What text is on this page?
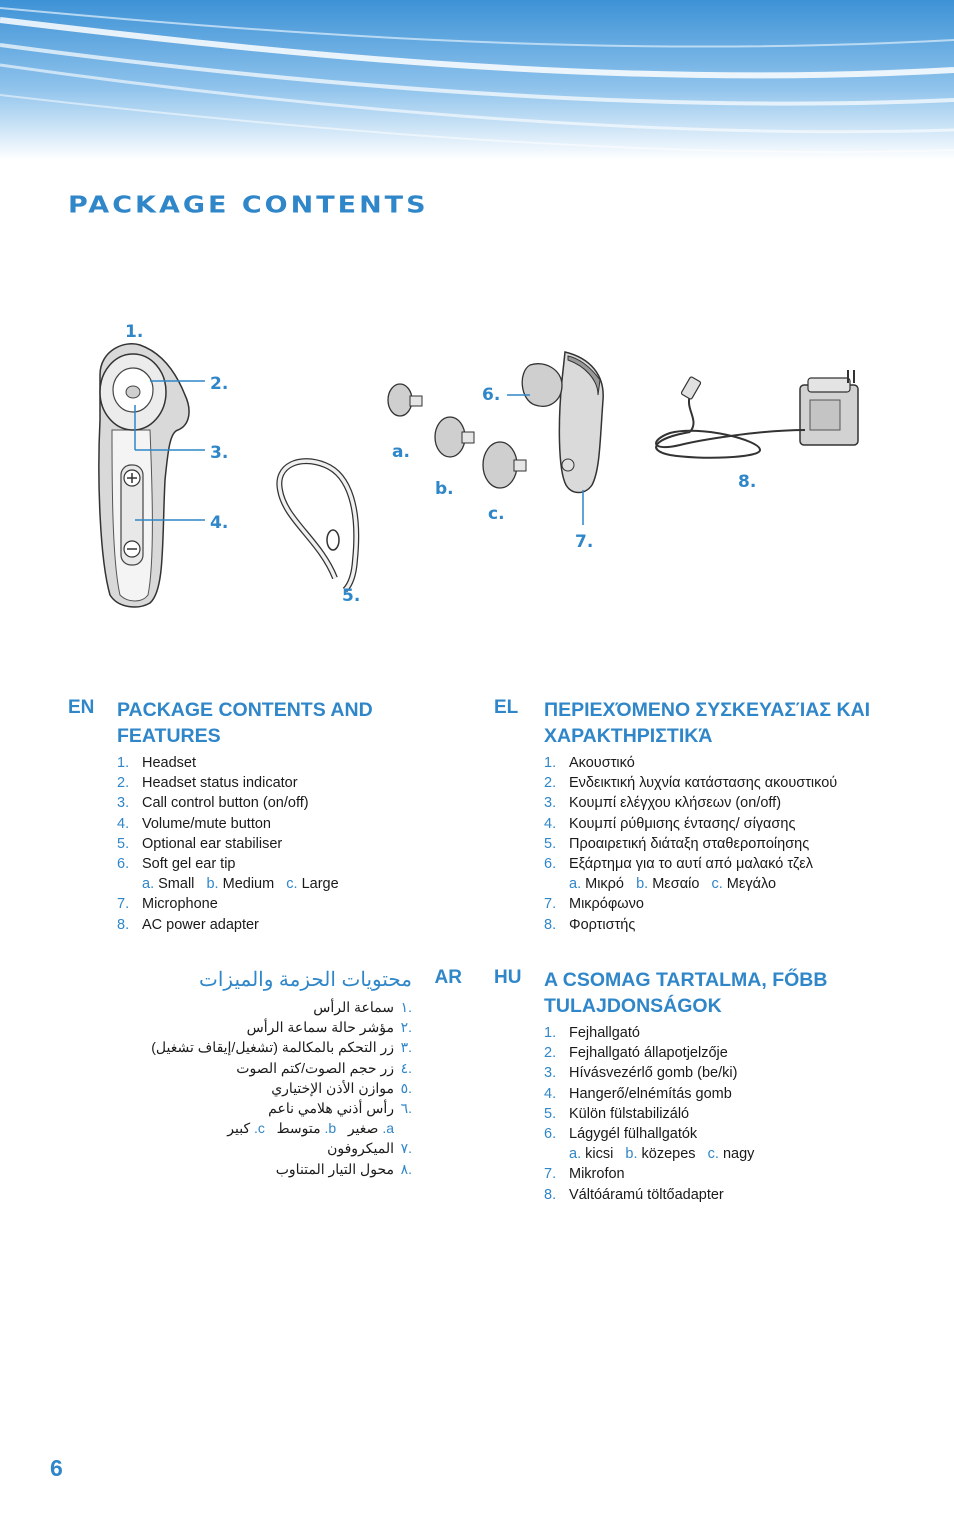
PACKAGE CONTENTS
1.
2.
3.
4.
5.
6.
7.
8.
a.
b.
c.
EN PACKAGE CONTENTS AND
FEATURES
1. Headset
2. Headset status indicator
3. Call control button (on/off)
4. Volume/mute button
5. Optional ear stabiliser
6. Soft gel ear tip
a. Small b. Medium c. Large
7. Microphone
8. AC power adapter
EL ΠΕΡΙΕΧΌΜΕΝΟ ΣΥΣΚΕΥΑΣΊΑΣ ΚΑΙ
ΧΑΡΑΚΤΗΡΙΣΤΙΚΆ
1. Ακουστικό
2. Ενδεικτική λυχνία κατάστασης ακουστικού
3. Κουμπί ελέγχου κλήσεων (on/off)
4. Κουμπί ρύθμισης έντασης/ σίγασης
5. Προαιρετική διάταξη σταθεροποίησης
6. Εξάρτημα για το αυτί από μαλακό τζελ
a. Μικρό b. Μεσαίο c. Μεγάλο
7. Μικρόφωνο
8. Φορτιστής
AR
محتويات الحزمة والميزات
.١سماعة الرأس
.٢مؤشر حالة سماعة الرأس
.٣زر التحكم بالمكالمة (تشغيل/إيقاف تشغيل)
.٤زر حجم الصوت/كتم الصوت
.٥موازن الأذن الإختياري
.٦رأس أذني هلامي ناعم
a. صغير   b. متوسط   c. كبير
.٧الميكروفون
.٨محول التيار المتناوب
HU A CSOMAG TARTALMA, FŐBB
TULAJDONSÁGOK
1. Fejhallgató
2. Fejhallgató állapotjelzője
3. Hívásvezérlő gomb (be/ki)
4. Hangerő/elnémítás gomb
5. Külön fülstabilizáló
6. Lágygél fülhallgatók
a. kicsi b. közepes c. nagy
7. Mikrofon
8. Váltóáramú töltőadapter
6
